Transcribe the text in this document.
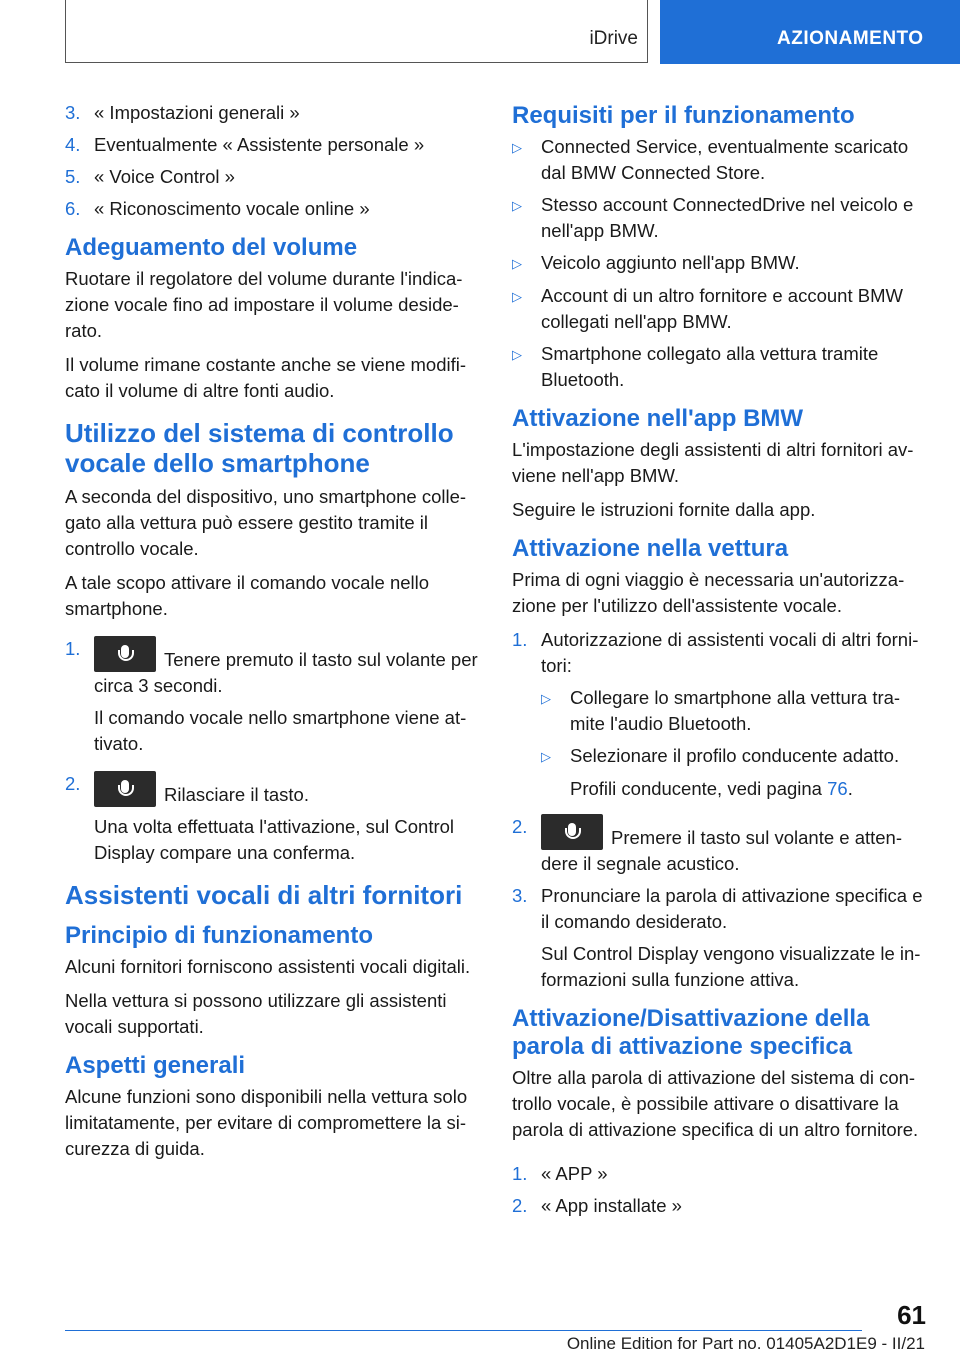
iDrive	AZIONAMENTO
3. « Impostazioni generali »
4. Eventualmente « Assistente personale »
5. « Voice Control »
6. « Riconoscimento vocale online »
Adeguamento del volume

Ruotare il regolatore del volume durante l'indica-zione vocale fino ad impostare il volume deside-rato.

Il volume rimane costante anche se viene modifi-cato il volume di altre fonti audio.

Utilizzo del sistema di controllo vocale dello smartphone

A seconda del dispositivo, uno smartphone colle-gato alla vettura può essere gestito tramite il controllo vocale.

A tale scopo attivare il comando vocale nello smartphone.

1.
Tenere premuto il tasto sul volante per circa 3 secondi.
Il comando vocale nello smartphone viene at-tivato.
2.
Rilasciare il tasto.
Una volta effettuata l'attivazione, sul Control Display compare una conferma.
Assistenti vocali di altri fornitori
Principio di funzionamento

Alcuni fornitori forniscono assistenti vocali digitali.

Nella vettura si possono utilizzare gli assistenti vocali supportati.

Aspetti generali

Alcune funzioni sono disponibili nella vettura solo limitatamente, per evitare di compromettere la si-curezza di guida.

Requisiti per il funzionamento
▷	Connected Service, eventualmente scaricato dal BMW Connected Store.
▷	Stesso account ConnectedDrive nel veicolo e nell'app BMW.
▷	Veicolo aggiunto nell'app BMW.
▷	Account di un altro fornitore e account BMW collegati nell'app BMW.
▷	Smartphone collegato alla vettura tramite Bluetooth.
Attivazione nell'app BMW

L'impostazione degli assistenti di altri fornitori av-viene nell'app BMW.

Seguire le istruzioni fornite dalla app.

Attivazione nella vettura

Prima di ogni viaggio è necessaria un'autorizza-zione per l'utilizzo dell'assistente vocale.

1. Autorizzazione di assistenti vocali di altri forni-tori:
▷	Collegare lo smartphone alla vettura tra-mite l'audio Bluetooth.
▷	Selezionare il profilo conducente adatto.
Profili conducente, vedi pagina 76.
2.
Premere il tasto sul volante e atten-dere il segnale acustico.
3. Pronunciare la parola di attivazione specifica e il comando desiderato.
Sul Control Display vengono visualizzate le in-formazioni sulla funzione attiva.
Attivazione/Disattivazione della parola di attivazione specifica

Oltre alla parola di attivazione del sistema di con-trollo vocale, è possibile attivare o disattivare la parola di attivazione specifica di un altro fornitore.

1. « APP »
2. « App installate »
61
Online Edition for Part no. 01405A2D1E9 - II/21
